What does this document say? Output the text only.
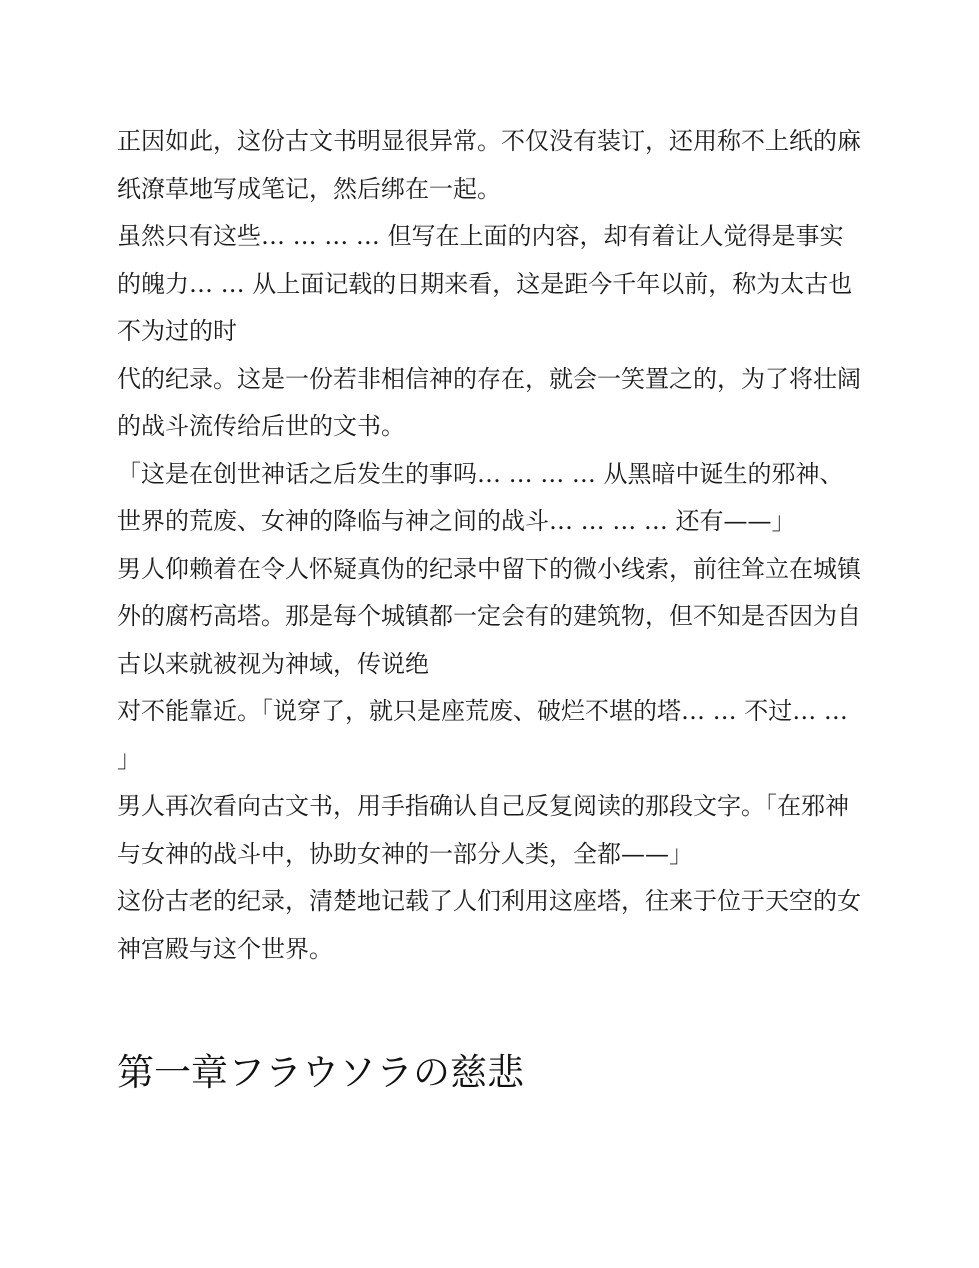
正因如此，这份古文书明显很异常。不仅没有装订，还用称不上纸的麻纸潦草地写成笔记，然后绑在一起。

虽然只有这些… … … … 但写在上面的内容，却有着让人觉得是事实的魄力… … 从上面记载的日期来看，这是距今千年以前，称为太古也不为过的时

代的纪录。这是一份若非相信神的存在，就会一笑置之的，为了将壮阔的战斗流传给后世的文书。

「这是在创世神话之后发生的事吗… … … … 从黑暗中诞生的邪神、世界的荒废、女神的降临与神之间的战斗… … … … 还有——」

男人仰赖着在令人怀疑真伪的纪录中留下的微小线索，前往耸立在城镇外的腐朽高塔。那是每个城镇都一定会有的建筑物，但不知是否因为自古以来就被视为神域，传说绝

对不能靠近。「说穿了，就只是座荒废、破烂不堪的塔… … 不过… … 」

男人再次看向古文书，用手指确认自己反复阅读的那段文字。「在邪神与女神的战斗中，协助女神的一部分人类，全都——」

这份古老的纪录，清楚地记载了人们利用这座塔，往来于位于天空的女神宫殿与这个世界。

第一章フラウソラの慈悲
